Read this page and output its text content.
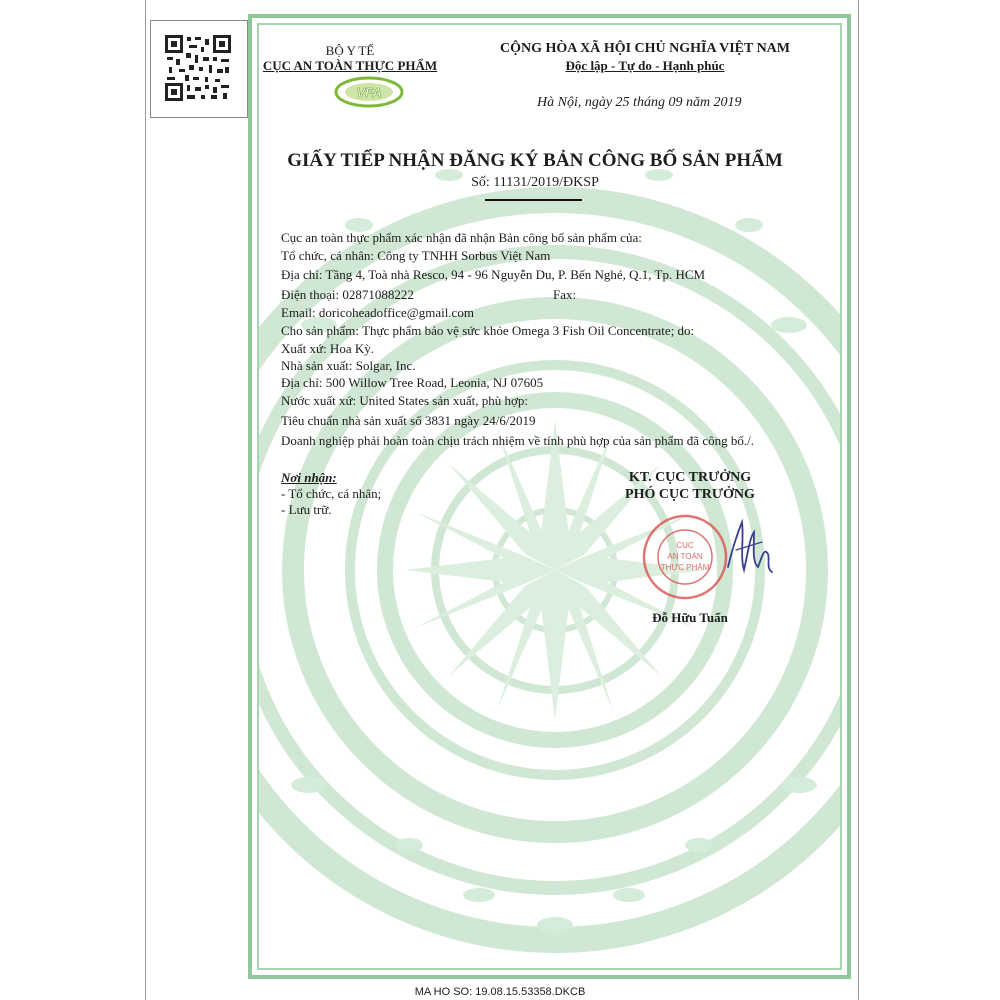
BỘ Y TẾ
CỤC AN TOÀN THỰC PHẨM
VFA
CỘNG HÒA XÃ HỘI CHỦ NGHĨA VIỆT NAM
Độc lập - Tự do - Hạnh phúc
Hà Nội, ngày 25 tháng 09 năm 2019
GIẤY TIẾP NHẬN ĐĂNG KÝ BẢN CÔNG BỐ SẢN PHẨM
Số: 11131/2019/ĐKSP
Cục an toàn thực phẩm xác nhận đã nhận Bản công bố sản phẩm của:
Tổ chức, cá nhân: Công ty TNHH Sorbus Việt Nam
Địa chỉ: Tầng 4, Toà nhà Resco, 94 - 96 Nguyễn Du, P. Bến Nghé, Q.1, Tp. HCM
Điện thoại: 02871088222	Fax:
Email: doricoheadoffice@gmail.com
Cho sản phẩm: Thực phẩm bảo vệ sức khỏe Omega 3 Fish Oil Concentrate; do:
Xuất xứ: Hoa Kỳ.
Nhà sản xuất: Solgar, Inc.
Địa chỉ: 500 Willow Tree Road, Leonia, NJ 07605
Nước xuất xứ: United States sản xuất, phù hợp:
Tiêu chuẩn nhà sản xuất số 3831 ngày 24/6/2019
Doanh nghiệp phải hoàn toàn chịu trách nhiệm về tính phù hợp của sản phẩm đã công bố./.
Nơi nhận:
- Tổ chức, cá nhân;
- Lưu trữ.
KT. CỤC TRƯỞNG
PHÓ CỤC TRƯỞNG
CỤC
AN TOÀN
THỰC PHẨM
Đỗ Hữu Tuấn
MA HO SO: 19.08.15.53358.DKCB
